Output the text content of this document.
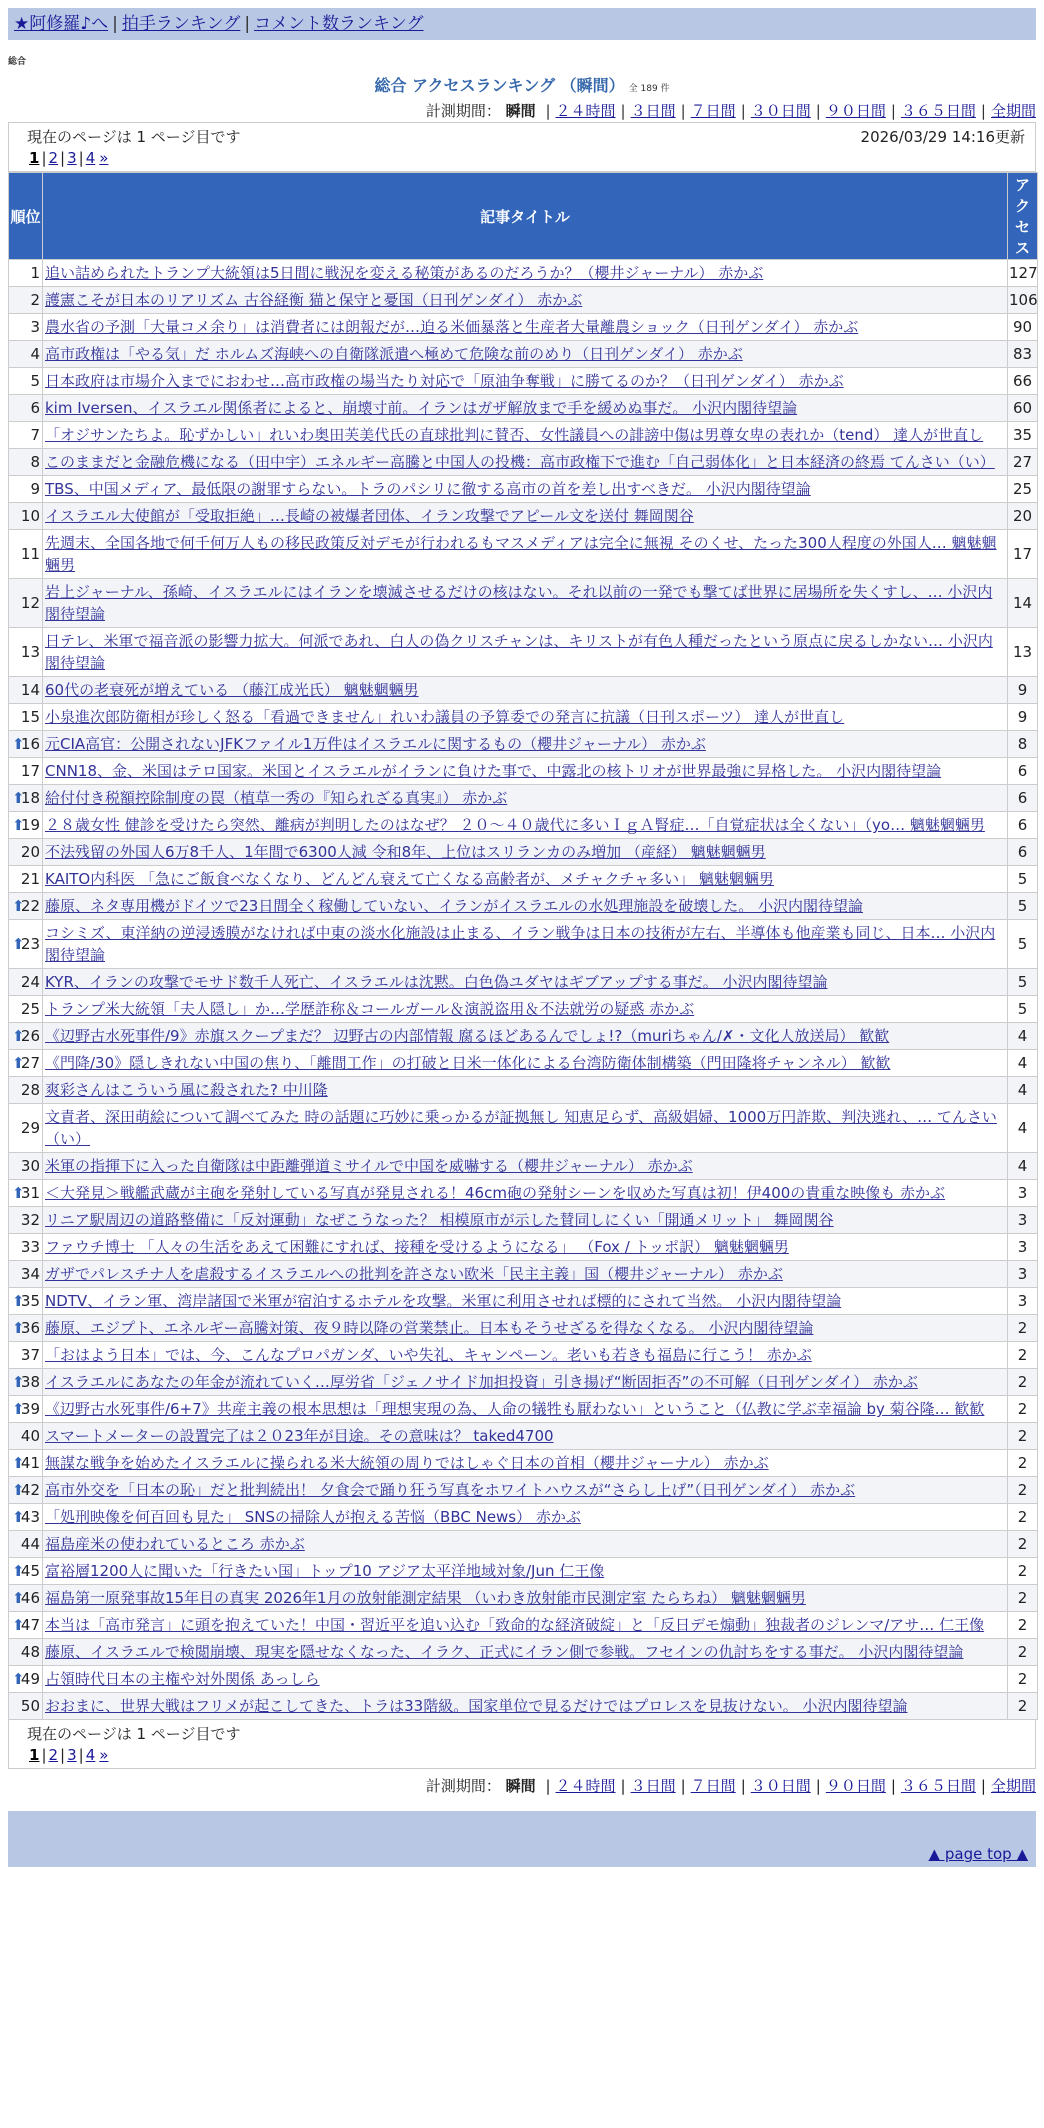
★阿修羅♪へ | 拍手ランキング | コメント数ランキング
総合
総合 アクセスランキング （瞬間） 全 189 件
計測期間： 瞬間 | ２４時間 | ３日間 | ７日間 | ３０日間 | ９０日間 | ３６５日間 | 全期間
現在のページは 1 ページ目です	2026/03/29 14:16更新
1 | 2 | 3 | 4 »
順位	記事タイトル	アクセス
1	追い詰められたトランプ大統領は5日間に戦況を変える秘策があるのだろうか？（櫻井ジャーナル） 赤かぶ	127
2	護憲こそが日本のリアリズム 古谷経衡 猫と保守と憂国（日刊ゲンダイ） 赤かぶ	106
3	農水省の予測「大量コメ余り」は消費者には朗報だが…迫る米価暴落と生産者大量離農ショック（日刊ゲンダイ） 赤かぶ	90
4	高市政権は「やる気」だ ホルムズ海峡への自衛隊派遣へ極めて危険な前のめり（日刊ゲンダイ） 赤かぶ	83
5	日本政府は市場介入までにおわせ…高市政権の場当たり対応で「原油争奪戦」に勝てるのか？（日刊ゲンダイ） 赤かぶ	66
6	kim Iversen、イスラエル関係者によると、崩壊寸前。イランはガザ解放まで手を緩めぬ事だ。 小沢内閣待望論	60
7	「オジサンたちよ。恥ずかしい」れいわ奥田芙美代氏の直球批判に賛否、女性議員への誹謗中傷は男尊女卑の表れか（tend） 達人が世直し	35
8	このままだと金融危機になる（田中宇）エネルギー高騰と中国人の投機：高市政権下で進む「自己弱体化」と日本経済の終焉 てんさい（い）	27
9	TBS、中国メディア、最低限の謝罪すらない。トラのパシリに徹する高市の首を差し出すべきだ。 小沢内閣待望論	25
10	イスラエル大使館が「受取拒絶」…長崎の被爆者団体、イラン攻撃でアピール文を送付 舞岡関谷	20
11	先週末、全国各地で何千何万人もの移民政策反対デモが行われるもマスメディアは完全に無視 そのくせ、たった300人程度の外国人… 魑魅魍魎男	17
12	岩上ジャーナル、孫崎、イスラエルにはイランを壊滅させるだけの核はない。それ以前の一発でも撃てば世界に居場所を失くすし、… 小沢内閣待望論	14
13	日テレ、米軍で福音派の影響力拡大。何派であれ、白人の偽クリスチャンは、キリストが有色人種だったという原点に戻るしかない… 小沢内閣待望論	13
14	60代の老衰死が増えている （藤江成光氏） 魑魅魍魎男	9
15	小泉進次郎防衛相が珍しく怒る「看過できません」れいわ議員の予算委での発言に抗議（日刊スポーツ） 達人が世直し	9

⬆
16	元CIA高官：公開されないJFKファイル1万件はイスラエルに関するもの（櫻井ジャーナル） 赤かぶ	8
17	CNN18、金、米国はテロ国家。米国とイスラエルがイランに負けた事で、中露北の核トリオが世界最強に昇格した。 小沢内閣待望論	6

⬆
18	給付付き税額控除制度の罠（植草一秀の『知られざる真実』） 赤かぶ	6

⬆
19	２８歳女性 健診を受けたら突然、離病が判明したのはなぜ？ ２０～４０歳代に多いＩｇＡ腎症…「自覚症状は全くない」（yo… 魑魅魍魎男	6
20	不法残留の外国人6万8千人、1年間で6300人減 令和8年、上位はスリランカのみ増加 （産経） 魑魅魍魎男	6
21	KAITO内科医 「急にご飯食べなくなり、どんどん衰えて亡くなる高齢者が、メチャクチャ多い」 魑魅魍魎男	5

⬆
22	藤原、ネタ専用機がドイツで23日間全く稼働していない、イランがイスラエルの水処理施設を破壊した。 小沢内閣待望論	5

⬆
23	コシミズ、東洋納の逆浸透膜がなければ中東の淡水化施設は止まる、イラン戦争は日本の技術が左右、半導体も他産業も同じ、日本… 小沢内閣待望論	5
24	KYR、イランの攻撃でモサド数千人死亡、イスラエルは沈黙。白色偽ユダヤはギブアップする事だ。 小沢内閣待望論	5
25	トランプ米大統領「夫人隠し」か…学歴詐称＆コールガール＆演説盗用＆不法就労の疑惑 赤かぶ	5

⬆
26	《辺野古水死事件/9》赤旗スクープまだ？ 辺野古の内部情報 腐るほどあるんでしょ!?（muriちゃん/✗・文化人放送局） 歓歓	4

⬆
27	《門降/30》隠しきれない中国の焦り、「離間工作」の打破と日米一体化による台湾防衛体制構築（門田隆将チャンネル） 歓歓	4
28	爽彩さんはこういう風に殺された? 中川隆	4
29	文責者、深田萌絵について調べてみた 時の話題に巧妙に乗っかるが証拠無し 知恵足らず、高級娼婦、1000万円詐欺、判決逃れ、… てんさい（い）	4
30	米軍の指揮下に入った自衛隊は中距離弾道ミサイルで中国を威嚇する（櫻井ジャーナル） 赤かぶ	4

⬆
31	＜大発見＞戦艦武蔵が主砲を発射している写真が発見される！46cm砲の発射シーンを収めた写真は初！伊400の貴重な映像も 赤かぶ	3
32	リニア駅周辺の道路整備に「反対運動」なぜこうなった？ 相模原市が示した賛同しにくい「開通メリット」 舞岡関谷	3
33	ファウチ博士 「人々の生活をあえて困難にすれば、接種を受けるようになる」 （Fox / トッポ訳） 魑魅魍魎男	3
34	ガザでパレスチナ人を虐殺するイスラエルへの批判を許さない欧米「民主主義」国（櫻井ジャーナル） 赤かぶ	3

⬆
35	NDTV、イラン軍、湾岸諸国で米軍が宿泊するホテルを攻撃。米軍に利用させれば標的にされて当然。 小沢内閣待望論	3

⬆
36	藤原、エジプト、エネルギー高騰対策、夜９時以降の営業禁止。日本もそうせざるを得なくなる。 小沢内閣待望論	2
37	「おはよう日本」では、今、こんなプロパガンダ、いや失礼、キャンペーン。老いも若きも福島に行こう！ 赤かぶ	2

⬆
38	イスラエルにあなたの年金が流れていく…厚労省「ジェノサイド加担投資」引き揚げ“断固拒否”の不可解（日刊ゲンダイ） 赤かぶ	2

⬆
39	《辺野古水死事件/6+7》共産主義の根本思想は「理想実現の為、人命の犠牲も厭わない」ということ（仏教に学ぶ幸福論 by 菊谷隆… 歓歓	2
40	スマートメーターの設置完了は２０23年が目途。その意味は？ taked4700	2

⬆
41	無謀な戦争を始めたイスラエルに操られる米大統領の周りではしゃぐ日本の首相（櫻井ジャーナル） 赤かぶ	2

⬆
42	高市外交を「日本の恥」だと批判続出！ 夕食会で踊り狂う写真をホワイトハウスが“さらし上げ”（日刊ゲンダイ） 赤かぶ	2

⬆
43	「処刑映像を何百回も見た」 SNSの掃除人が抱える苦悩（BBC News） 赤かぶ	2
44	福島産米の使われているところ 赤かぶ	2

⬆
45	富裕層1200人に聞いた「行きたい国」トップ10 アジア太平洋地域対象/Jun 仁王像	2

⬆
46	福島第一原発事故15年目の真実 2026年1月の放射能測定結果 （いわき放射能市民測定室 たらちね） 魑魅魍魎男	2

⬆
47	本当は「高市発言」に頭を抱えていた！中国・習近平を追い込む「致命的な経済破綻」と「反日デモ煽動」独裁者のジレンマ/アサ… 仁王像	2
48	藤原、イスラエルで検閲崩壊、現実を隠せなくなった、イラク、正式にイラン側で参戦。フセインの仇討ちをする事だ。 小沢内閣待望論	2

⬆
49	占領時代日本の主権や対外関係 あっしら	2
50	おおまに、世界大戦はフリメが起こしてきた、トラは33階級。国家単位で見るだけではプロレスを見抜けない。 小沢内閣待望論	2
現在のページは 1 ページ目です
1 | 2 | 3 | 4 »
計測期間： 瞬間 | ２４時間 | ３日間 | ７日間 | ３０日間 | ９０日間 | ３６５日間 | 全期間
▲ page top ▲
